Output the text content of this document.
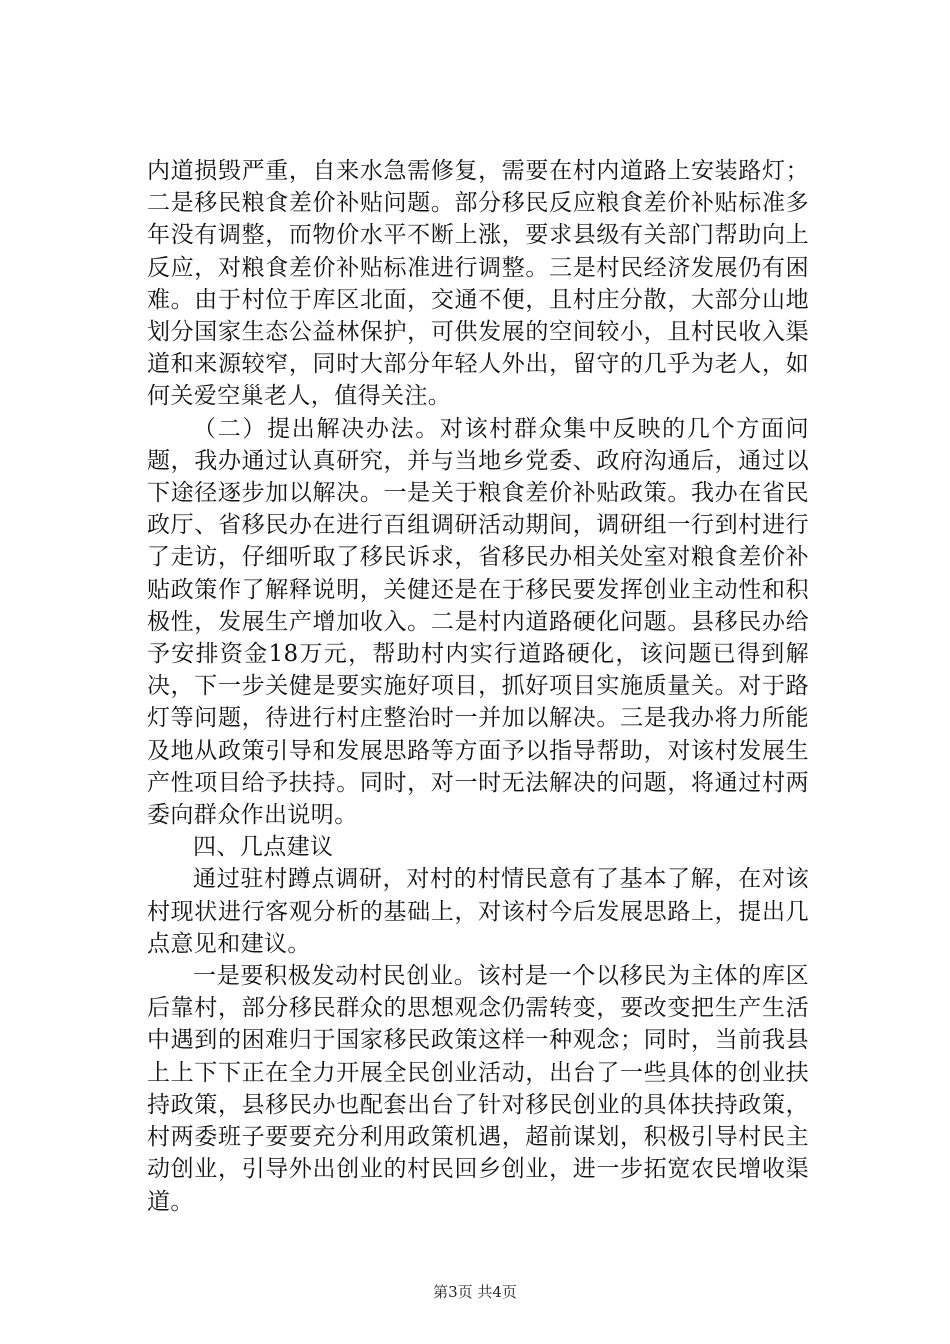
内道损毁严重，自来水急需修复，需要在村内道路上安装路灯；二是移民粮食差价补贴问题。部分移民反应粮食差价补贴标准多年没有调整，而物价水平不断上涨，要求县级有关部门帮助向上反应，对粮食差价补贴标准进行调整。三是村民经济发展仍有困难。由于村位于库区北面，交通不便，且村庄分散，大部分山地划分国家生态公益林保护，可供发展的空间较小，且村民收入渠道和来源较窄，同时大部分年轻人外出，留守的几乎为老人，如何关爱空巢老人，值得关注。

（二）提出解决办法。对该村群众集中反映的几个方面问题，我办通过认真研究，并与当地乡党委、政府沟通后，通过以下途径逐步加以解决。一是关于粮食差价补贴政策。我办在省民政厅、省移民办在进行百组调研活动期间，调研组一行到村进行了走访，仔细听取了移民诉求，省移民办相关处室对粮食差价补贴政策作了解释说明，关健还是在于移民要发挥创业主动性和积极性，发展生产增加收入。二是村内道路硬化问题。县移民办给予安排资金18万元，帮助村内实行道路硬化，该问题已得到解决，下一步关健是要实施好项目，抓好项目实施质量关。对于路灯等问题，待进行村庄整治时一并加以解决。三是我办将力所能及地从政策引导和发展思路等方面予以指导帮助，对该村发展生产性项目给予扶持。同时，对一时无法解决的问题，将通过村两委向群众作出说明。

四、几点建议

通过驻村蹲点调研，对村的村情民意有了基本了解，在对该村现状进行客观分析的基础上，对该村今后发展思路上，提出几点意见和建议。

一是要积极发动村民创业。该村是一个以移民为主体的库区后靠村，部分移民群众的思想观念仍需转变，要改变把生产生活中遇到的困难归于国家移民政策这样一种观念；同时，当前我县上上下下正在全力开展全民创业活动，出台了一些具体的创业扶持政策，县移民办也配套出台了针对移民创业的具体扶持政策，村两委班子要要充分利用政策机遇，超前谋划，积极引导村民主动创业，引导外出创业的村民回乡创业，进一步拓宽农民增收渠道。

第3页 共4页
